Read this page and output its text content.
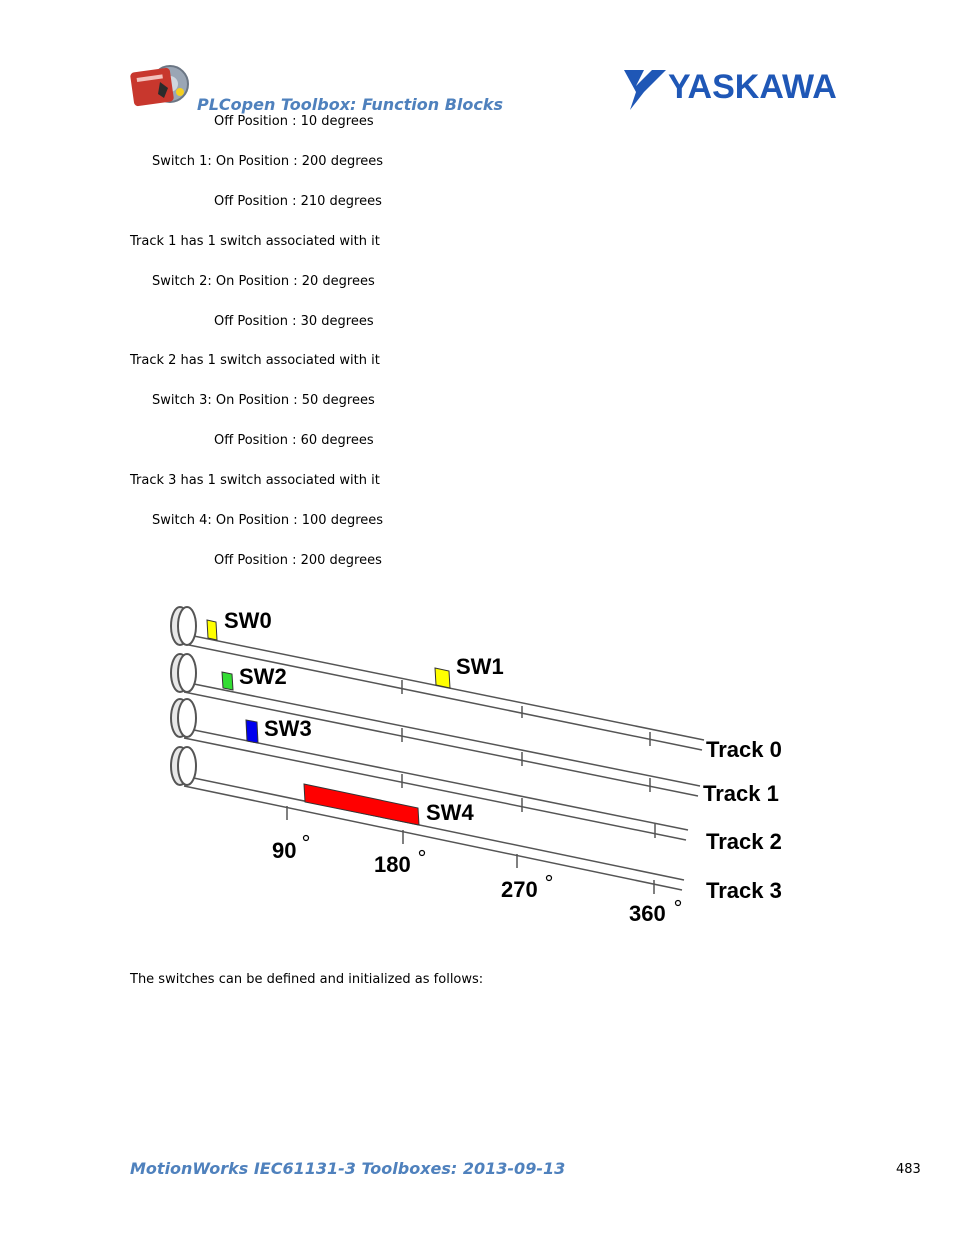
PLCopen Toolbox: Function Blocks	YASKAWA
Off Position : 10 degrees
Switch 1: On Position : 200 degrees
Off Position : 210 degrees
Track 1 has 1 switch associated with it
Switch 2: On Position : 20 degrees
Off Position : 30 degrees
Track 2 has 1 switch associated with it
Switch 3: On Position : 50 degrees
Off Position : 60 degrees
Track 3 has 1 switch associated with it
Switch 4: On Position : 100 degrees
Off Position : 200 degrees
SW0
SW1
SW2
SW3
SW4
Track 0
Track 1
Track 2
Track 3
90
180
270
360
The switches can be defined and initialized as follows:
MotionWorks IEC61131-3 Toolboxes: 2013-09-13	483
